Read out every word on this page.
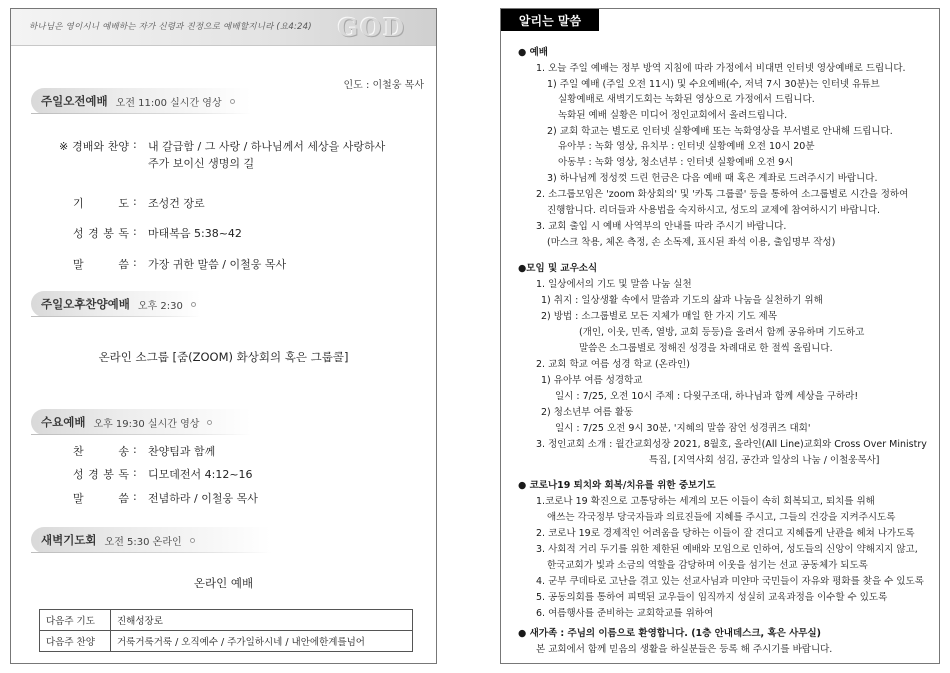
하나님은 영이시니 예배하는 자가 신령과 진정으로 예배할지니라 (요4:24) GOD
인도 : 이철웅 목사
주일오전예배 오전 11:00 실시간 영상
※ 경배와 찬양 : 내 갈급함 / 그 사랑 / 하나님께서 세상을 사랑하사
주가 보이신 생명의 길
기 도 : 조성건 장로
성 경 봉 독 : 마태복음 5:38~42
말 씀 : 가장 귀한 말씀 / 이철웅 목사
주일오후찬양예배 오후 2:30
온라인 소그룹 [줌(ZOOM) 화상회의 혹은 그룹콜]
수요예배 오후 19:30 실시간 영상
찬 송 : 찬양팀과 함께
성 경 봉 독 : 디모데전서 4:12~16
말 씀 : 전념하라 / 이철웅 목사
새벽기도회 오전 5:30 온라인
온라인 예배
다음주 기도	진해성장로
다음주 찬양	거룩거룩거룩 / 오직예수 / 주가일하시네 / 내안에한계를넘어
알리는 말씀
● 예배
1. 오늘 주일 예배는 정부 방역 지침에 따라 가정에서 비대면 인터넷 영상예배로 드립니다.
1) 주일 예배 (주일 오전 11시) 및 수요예배(수, 저녁 7시 30분)는 인터넷 유튜브
실황예배로 새벽기도회는 녹화된 영상으로 가정에서 드립니다.
녹화된 예배 실황은 미디어 정인교회에서 올려드립니다.
2) 교회 학교는 별도로 인터넷 실황예배 또는 녹화영상을 부서별로 안내해 드립니다.
유아부 : 녹화 영상, 유치부 : 인터넷 실황예배 오전 10시 20분
아동부 : 녹화 영상, 청소년부 : 인터넷 실황예배 오전 9시
3) 하나님께 정성껏 드린 헌금은 다음 예배 때 혹은 계좌로 드려주시기 바랍니다.
2. 소그룹모임은 'zoom 화상회의' 및 '카톡 그룹콜' 등을 통하여 소그룹별로 시간을 정하여
진행합니다. 리더들과 사용법을 숙지하시고, 성도의 교제에 참여하시기 바랍니다.
3. 교회 출입 시 예배 사역부의 안내를 따라 주시기 바랍니다.
(마스크 착용, 체온 측정, 손 소독제, 표시된 좌석 이용, 출입명부 작성)
●모임 및 교우소식
1. 일상에서의 기도 및 말씀 나눔 실천
1) 취지 : 일상생활 속에서 말씀과 기도의 삶과 나눔을 실천하기 위해
2) 방법 : 소그룹별로 모든 지체가 매일 한 가지 기도 제목
(개인, 이웃, 민족, 열방, 교회 등등)을 올려서 함께 공유하며 기도하고
말씀은 소그룹별로 정해진 성경을 차례대로 한 절씩 올립니다.
2. 교회 학교 여름 성경 학교 (온라인)
1) 유아부 여름 성경학교
일시 : 7/25, 오전 10시 주제 : 다윗구조대, 하나님과 함께 세상을 구하라!
2) 청소년부 여름 활동
일시 : 7/25 오전 9시 30분, '지혜의 말씀 잠언 성경퀴즈 대회'
3. 정인교회 소개 : 월간교회성장 2021, 8월호, 올라인(All Line)교회와 Cross Over Ministry
특집, [지역사회 섬김, 공간과 일상의 나눔 / 이철웅목사]
● 코로나19 퇴치와 회복/치유를 위한 중보기도
1.코로나 19 확진으로 고통당하는 세계의 모든 이들이 속히 회복되고, 퇴치를 위해
애쓰는 각국정부 당국자들과 의료진들에 지혜를 주시고, 그들의 건강을 지켜주시도록
2. 코로나 19로 경제적인 어려움을 당하는 이들이 잘 견디고 지혜롭게 난관을 헤쳐 나가도록
3. 사회적 거리 두기를 위한 제한된 예배와 모임으로 인하여, 성도들의 신앙이 약해지지 않고,
한국교회가 빛과 소금의 역할을 감당하며 이웃을 섬기는 선교 공동체가 되도록
4. 군부 쿠데타로 고난을 겪고 있는 선교사님과 미얀마 국민들이 자유와 평화를 찾을 수 있도록
5. 공동의회를 통하여 피택된 교우들이 임직까지 성실히 교육과정을 이수할 수 있도록
6. 여름행사를 준비하는 교회학교를 위하여
● 새가족 : 주님의 이름으로 환영합니다. (1층 안내데스크, 혹은 사무실)
본 교회에서 함께 믿음의 생활을 하실분들은 등록 해 주시기를 바랍니다.
